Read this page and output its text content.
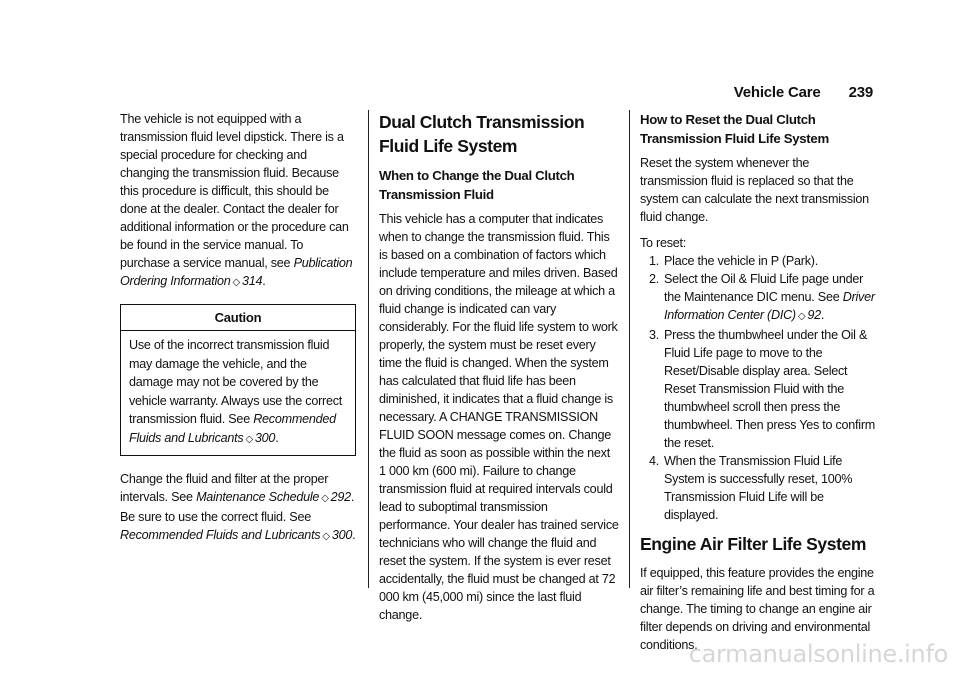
Vehicle Care 239

The vehicle is not equipped with a transmission fluid level dipstick. There is a special procedure for checking and changing the transmission fluid. Because this procedure is difficult, this should be done at the dealer. Contact the dealer for additional information or the procedure can be found in the service manual. To purchase a service manual, see Publication Ordering Information ◇ 314.

Caution
Use of the incorrect transmission fluid may damage the vehicle, and the damage may not be covered by the vehicle warranty. Always use the correct transmission fluid. See Recommended Fluids and Lubricants ◇ 300.

Change the fluid and filter at the proper intervals. See Maintenance Schedule ◇ 292. Be sure to use the correct fluid. See Recommended Fluids and Lubricants ◇ 300.

Dual Clutch Transmission Fluid Life System
When to Change the Dual Clutch Transmission Fluid

This vehicle has a computer that indicates when to change the transmission fluid. This is based on a combination of factors which include temperature and miles driven. Based on driving conditions, the mileage at which a fluid change is indicated can vary considerably. For the fluid life system to work properly, the system must be reset every time the fluid is changed. When the system has calculated that fluid life has been diminished, it indicates that a fluid change is necessary. A CHANGE TRANSMISSION FLUID SOON message comes on. Change the fluid as soon as possible within the next 1 000 km (600 mi). Failure to change transmission fluid at required intervals could lead to suboptimal transmission performance. Your dealer has trained service technicians who will change the fluid and reset the system. If the system is ever reset accidentally, the fluid must be changed at 72 000 km (45,000 mi) since the last fluid change.

How to Reset the Dual Clutch Transmission Fluid Life System

Reset the system whenever the transmission fluid is replaced so that the system can calculate the next transmission fluid change.

To reset:

1. Place the vehicle in P (Park).
2. Select the Oil & Fluid Life page under the Maintenance DIC menu. See Driver Information Center (DIC) ◇ 92.
3. Press the thumbwheel under the Oil & Fluid Life page to move to the Reset/Disable display area. Select Reset Transmission Fluid with the thumbwheel scroll then press the thumbwheel. Then press Yes to confirm the reset.
4. When the Transmission Fluid Life System is successfully reset, 100% Transmission Fluid Life will be displayed.
Engine Air Filter Life System

If equipped, this feature provides the engine air filter’s remaining life and best timing for a change. The timing to change an engine air filter depends on driving and environmental conditions.

carmanualsonline.info
